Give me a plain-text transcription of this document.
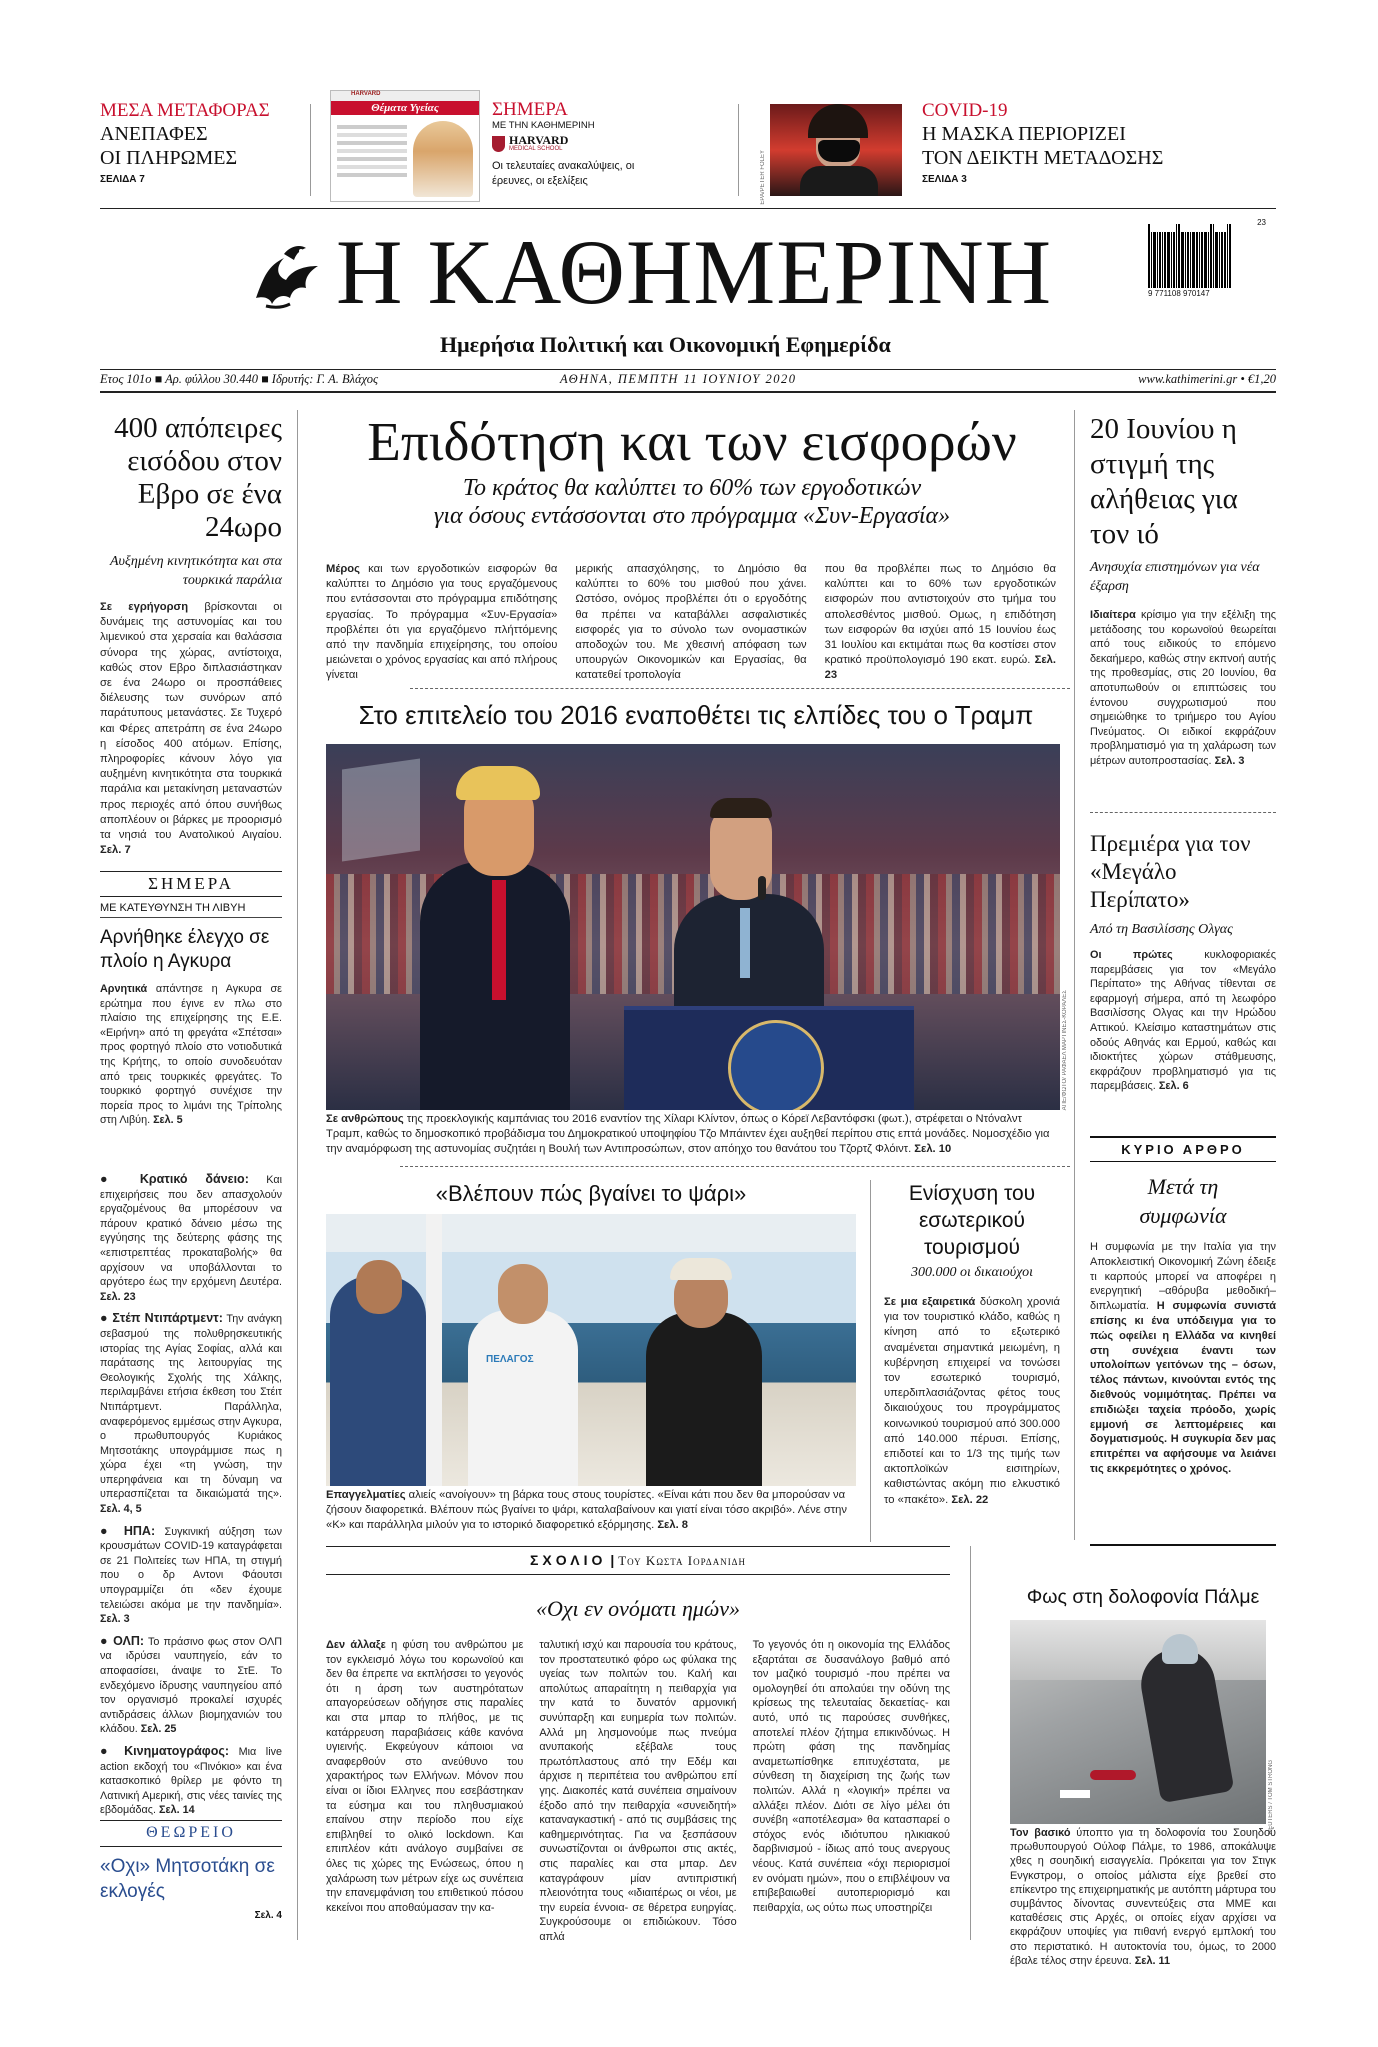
ΜΕΣΑ ΜΕΤΑΦΟΡΑΣ
ΑΝΕΠΑΦΕΣ
ΟΙ ΠΛΗΡΩΜΕΣ
ΣΕΛΙΔΑ 7
HARVARD
Θέματα Υγείας	ΣΗΜΕΡΑ
ΜΕ ΤΗΝ ΚΑΘΗΜΕΡΙΝΗ
HARVARD
MEDICAL SCHOOL
Οι τελευταίες ανακαλύψεις, οι έρευνες, οι εξελίξεις	EPA/PETER FOLEY
COVID-19
Η ΜΑΣΚΑ ΠΕΡΙΟΡΙΖΕΙ
ΤΟΝ ΔΕΙΚΤΗ ΜΕΤΑΔΟΣΗΣ
ΣΕΛΙΔΑ 3
Η ΚΑΘΗΜΕΡΙΝΗ
Ημερήσια Πολιτική και Οικονομική Εφημερίδα
9 771108 970147
23
Ετος 101ο ■ Αρ. φύλλου 30.440 ■ Ιδρυτής: Γ. Α. Βλάχος	ΑΘΗΝΑ, ΠΕΜΠΤΗ 11 ΙΟΥΝΙΟΥ 2020	www.kathimerini.gr • €1,20
400 απόπειρες εισόδου στον Εβρο σε ένα 24ωρο
Αυξημένη κινητικότητα και στα τουρκικά παράλια
Σε εγρήγορση βρίσκονται οι δυνάμεις της αστυνομίας και του λιμενικού στα χερσαία και θαλάσσια σύνορα της χώρας, αντίστοιχα, καθώς στον Εβρο διπλασιάστηκαν σε ένα 24ωρο οι προσπάθειες διέλευσης των συνόρων από παράτυπους μετανάστες. Σε Τυχερό και Φέρες απετράπη σε ένα 24ωρο η είσοδος 400 ατόμων. Επίσης, πληροφορίες κάνουν λόγο για αυξημένη κινητικότητα στα τουρκικά παράλια και μετακίνηση μεταναστών προς περιοχές από όπου συνήθως αποπλέουν οι βάρκες με προορισμό τα νησιά του Ανατολικού Αιγαίου. Σελ. 7
ΣΗΜΕΡΑ
ΜΕ ΚΑΤΕΥΘΥΝΣΗ ΤΗ ΛΙΒΥΗ
Αρνήθηκε έλεγχο σε πλοίο η Αγκυρα
Αρνητικά απάντησε η Αγκυρα σε ερώτημα που έγινε εν πλω στο πλαίσιο της επιχείρησης της Ε.Ε. «Ειρήνη» από τη φρεγάτα «Σπέτσαι» προς φορτηγό πλοίο στο νοτιοδυτικά της Κρήτης, το οποίο συνοδευόταν από τρεις τουρκικές φρεγάτες. Το τουρκικό φορτηγό συνέχισε την πορεία προς το λιμάνι της Τρίπολης στη Λιβύη. Σελ. 5
● Κρατικό δάνειο: Και επιχειρήσεις που δεν απασχολούν εργαζομένους θα μπορέσουν να πάρουν κρατικό δάνειο μέσω της εγγύησης της δεύτερης φάσης της «επιστρεπτέας προκαταβολής» θα αρχίσουν να υποβάλλονται το αργότερο έως την ερχόμενη Δευτέρα. Σελ. 23
● Στέπ Ντιπάρτμεντ: Την ανάγκη σεβασμού της πολυθρησκευτικής ιστορίας της Αγίας Σοφίας, αλλά και παράτασης της λειτουργίας της Θεολογικής Σχολής της Χάλκης, περιλαμβάνει ετήσια έκθεση του Στέιτ Ντιπάρτμεντ. Παράλληλα, αναφερόμενος εμμέσως στην Αγκυρα, ο πρωθυπουργός Κυριάκος Μητσοτάκης υπογράμμισε πως η χώρα έχει «τη γνώση, την υπερηφάνεια και τη δύναμη να υπερασπίζεται τα δικαιώματά της». Σελ. 4, 5
● ΗΠΑ: Συγκινική αύξηση των κρουσμάτων COVID-19 καταγράφεται σε 21 Πολιτείες των ΗΠΑ, τη στιγμή που ο δρ Αντονι Φάουτσι υπογραμμίζει ότι «δεν έχουμε τελειώσει ακόμα με την πανδημία». Σελ. 3
● ΟΛΠ: Το πράσινο φως στον ΟΛΠ να ιδρύσει ναυπηγείο, εάν το αποφασίσει, άναψε το ΣτΕ. Το ενδεχόμενο ίδρυσης ναυπηγείου από τον οργανισμό προκαλεί ισχυρές αντιδράσεις άλλων βιομηχανιών του κλάδου. Σελ. 25
● Κινηματογράφος: Μια live action εκδοχή του «Πινόκιο» και ένα κατασκοπικό θρίλερ με φόντο τη Λατινική Αμερική, στις νέες ταινίες της εβδομάδας. Σελ. 14
ΘΕΩΡΕΙΟ
«Οχι» Μητσοτάκη σε εκλογές
Σελ. 4
Επιδότηση και των εισφορών
Το κράτος θα καλύπτει το 60% των εργοδοτικών
για όσους εντάσσονται στο πρόγραμμα «Συν-Εργασία»
Μέρος και των εργοδοτικών εισφορών θα καλύπτει το Δημόσιο για τους εργαζόμενους που εντάσσονται στο πρόγραμμα επιδότησης εργασίας. Το πρόγραμμα «Συν-Εργασία» προβλέπει ότι για εργαζόμενο πλήττόμενης από την πανδημία επιχείρησης, του οποίου μειώνεται ο χρόνος εργασίας και από πλήρους γίνεται
μερικής απασχόλησης, το Δημόσιο θα καλύπτει το 60% του μισθού που χάνει. Ωστόσο, ονόμος προβλέπει ότι ο εργοδότης θα πρέπει να καταβάλλει ασφαλιστικές εισφορές για το σύνολο των ονομαστικών αποδοχών του. Με χθεσινή απόφαση των υπουργών Οικονομικών και Εργασίας, θα κατατεθεί τροπολογία
που θα προβλέπει πως το Δημόσιο θα καλύπτει και το 60% των εργοδοτικών εισφορών που αντιστοιχούν στο τμήμα του απολεσθέντος μισθού. Ομως, η επιδότηση των εισφορών θα ισχύει από 15 Ιουνίου έως 31 Ιουλίου και εκτιμάται πως θα κοστίσει στον κρατικό προϋπολογισμό 190 εκατ. ευρώ. Σελ. 23
Στο επιτελείο του 2016 εναποθέτει τις ελπίδες του ο Τραμπ
ΑΠΕ/ΦΩΤΟ/ ΡΑΦΑΕΛ ΜΑΡΤΙΝΕΣ-ΚΟΡΑΛΕΣ
Σε ανθρώπους της προεκλογικής καμπάνιας του 2016 εναντίον της Χίλαρι Κλίντον, όπως ο Κόρεϊ Λεβαντόφσκι (φωτ.), στρέφεται ο Ντόναλντ Τραμπ, καθώς το δημοσκοπικό προβάδισμα του Δημοκρατικού υποψηφίου Τζο Μπάιντεν έχει αυξηθεί περίπου στις επτά μονάδες. Νομοσχέδιο για την αναμόρφωση της αστυνομίας συζητάει η Βουλή των Αντιπροσώπων, στον απόηχο του θανάτου του Τζορτζ Φλόιντ. Σελ. 10
«Βλέπουν πώς βγαίνει το ψάρι»
ΠΕΛΑΓΟΣ
Επαγγελματίες αλιείς «ανοίγουν» τη βάρκα τους στους τουρίστες. «Είναι κάτι που δεν θα μπορούσαν να ζήσουν διαφορετικά. Βλέπουν πώς βγαίνει το ψάρι, καταλαβαίνουν και γιατί είναι τόσο ακριβό». Λένε στην «Κ» και παράλληλα μιλούν για το ιστορικό διαφορετικό εξόρμησης. Σελ. 8
Ενίσχυση του εσωτερικού τουρισμού
300.000 οι δικαιούχοι
Σε μια εξαιρετικά δύσκολη χρονιά για τον τουριστικό κλάδο, καθώς η κίνηση από το εξωτερικό αναμένεται σημαντικά μειωμένη, η κυβέρνηση επιχειρεί να τονώσει τον εσωτερικό τουρισμό, υπερδιπλασιάζοντας φέτος τους δικαιούχους του προγράμματος κοινωνικού τουρισμού από 300.000 από 140.000 πέρυσι. Επίσης, επιδοτεί και το 1/3 της τιμής των ακτοπλοϊκών εισιτηρίων, καθιστώντας ακόμη πιο ελκυστικό το «πακέτο». Σελ. 22
ΣΧΟΛΙΟ | Του Κωστα Ιορδανιδη
«Οχι εν ονόματι ημών»
Δεν άλλαξε η φύση του ανθρώπου με τον εγκλεισμό λόγω του κορωνοϊού και δεν θα έπρεπε να εκπλήσσει το γεγονός ότι η άρση των αυστηρότατων απαγορεύσεων οδήγησε στις παραλίες και στα μπαρ το πλήθος, με τις κατάρρευση παραβιάσεις κάθε κανόνα υγιεινής. Εκφεύγουν κάποιοι να αναφερθούν στο ανεύθυνο του χαρακτήρος των Ελλήνων. Μόνον που είναι οι ίδιοι Ελληνες που εσεβάστηκαν τα εύσημα και του πληθυσμιακού επαίνου στην περίοδο που είχε επιβληθεί το ολικό lockdown. Και επιπλέον κάτι ανάλογο συμβαίνει σε όλες τις χώρες της Ενώσεως, όπου η χαλάρωση των μέτρων είχε ως συνέπεια την επανεμφάνιση του επιθετικού πόσου κεκείνοι που αποθαύμασαν την κα-
ταλυτική ισχύ και παρουσία του κράτους, τον προστατευτικό φόρο ως φύλακα της υγείας των πολιτών του. Καλή και απολύτως απαραίτητη η πειθαρχία για την κατά το δυνατόν αρμονική συνύπαρξη και ευημερία των πολιτών. Αλλά μη λησμονούμε πως πνεύμα ανυπακοής εξέβαλε τους πρωτόπλαστους από την Εδέμ και άρχισε η περιπέτεια του ανθρώπου επί γης. Διακοπές κατά συνέπεια σημαίνουν έξοδο από την πειθαρχία «συνειδητή» καταναγκαστική - από τις συμβάσεις της καθημερινότητας. Για να ξεσπάσουν συνωστίζονται οι άνθρωποι στις ακτές, στις παραλίες και στα μπαρ. Δεν καταγράφουν μίαν αντιπριστική πλειονότητα τους «ιδιαιτέρως οι νέοι, με την ευρεία έννοια- σε θέρετρα ευηργίας. Συγκρούσουμε οι επιδιώκουν. Τόσο απλά
Το γεγονός ότι η οικονομία της Ελλάδος εξαρτάται σε δυσανάλογο βαθμό από τον μαζικό τουρισμό -που πρέπει να ομολογηθεί ότι απολαύει την οδύνη της κρίσεως της τελευταίας δεκαετίας- και αυτό, υπό τις παρούσες συνθήκες, αποτελεί πλέον ζήτημα επικινδύνως. Η πρώτη φάση της πανδημίας αναμετωπίσθηκε επιτυχέστατα, με σύνθεση τη διαχείριση της ζωής των πολιτών. Αλλά η «λογική» πρέπει να αλλάξει πλέον. Διότι σε λίγο μέλει ότι συνέβη «αποτέλεσμα» θα κατασπαρεί ο στόχος ενός ιδιότυπου ηλικιακού δαρβινισμού - ίδιως από τους ανεργους νέους. Κατά συνέπεια «όχι περιορισμοί εν ονόματι ημών», που ο επιβλέψουν να επιβεβαιωθεί αυτοπεριορισμό και πειθαρχία, ως ούτω πως υποστηρίζει
20 Ιουνίου η στιγμή της αλήθειας για τον ιό
Ανησυχία επιστημόνων για νέα έξαρση
Ιδιαίτερα κρίσιμο για την εξέλιξη της μετάδοσης του κορωνοϊού θεωρείται από τους ειδικούς το επόμενο δεκαήμερο, καθώς στην εκπνοή αυτής της προθεσμίας, στις 20 Ιουνίου, θα αποτυπωθούν οι επιπτώσεις του έντονου συγχρωτισμού που σημειώθηκε το τριήμερο του Αγίου Πνεύματος. Οι ειδικοί εκφράζουν προβληματισμό για τη χαλάρωση των μέτρων αυτοπροστασίας. Σελ. 3
Πρεμιέρα για τον «Μεγάλο Περίπατο»
Από τη Βασιλίσσης Ολγας
Οι πρώτες κυκλοφοριακές παρεμβάσεις για τον «Μεγάλο Περίπατο» της Αθήνας τίθενται σε εφαρμογή σήμερα, από τη λεωφόρο Βασιλίσσης Ολγας και την Ηρώδου Αττικού. Κλείσιμο καταστημάτων στις οδούς Αθηνάς και Ερμού, καθώς και ιδιοκτήτες χώρων στάθμευσης, εκφράζουν προβληματισμό για τις παρεμβάσεις. Σελ. 6
ΚΥΡΙΟ ΑΡΘΡΟ
Μετά τη συμφωνία
Η συμφωνία με την Ιταλία για την Αποκλειστική Οικονομική Ζώνη έδειξε τι καρπούς μπορεί να αποφέρει η ενεργητική –αθόρυβα μεθοδική– διπλωματία. Η συμφωνία συνιστά επίσης κι ένα υπόδειγμα για το πώς οφείλει η Ελλάδα να κινηθεί στη συνέχεια έναντι των υπολοίπων γειτόνων της – όσων, τέλος πάντων, κινούνται εντός της διεθνούς νομιμότητας. Πρέπει να επιδιώξει ταχεία πρόοδο, χωρίς εμμονή σε λεπτομέρειες και δογματισμούς. Η συγκυρία δεν μας επιτρέπει να αφήσουμε να λειάνει τις εκκρεμότητες ο χρόνος.
Φως στη δολοφονία Πάλμε
REUTERS / TOM STRONG
Τον βασικό ύποπτο για τη δολοφονία του Σουηδού πρωθυπουργού Ούλοφ Πάλμε, το 1986, αποκάλυψε χθες η σουηδική εισαγγελία. Πρόκειται για τον Στιγκ Ενγκστρομ, ο οποίος μάλιστα είχε βρεθεί στο επίκεντρο της επιχειρηματικής με αυτόπτη μάρτυρα του συμβάντος δίνοντας συνεντεύξεις στα ΜΜΕ και καταθέσεις στις Αρχές, οι οποίες είχαν αρχίσει να εκφράζουν υποψίες για πιθανή ενεργό εμπλοκή του στο περιστατικό. Η αυτοκτονία του, όμως, το 2000 έβαλε τέλος στην έρευνα. Σελ. 11
